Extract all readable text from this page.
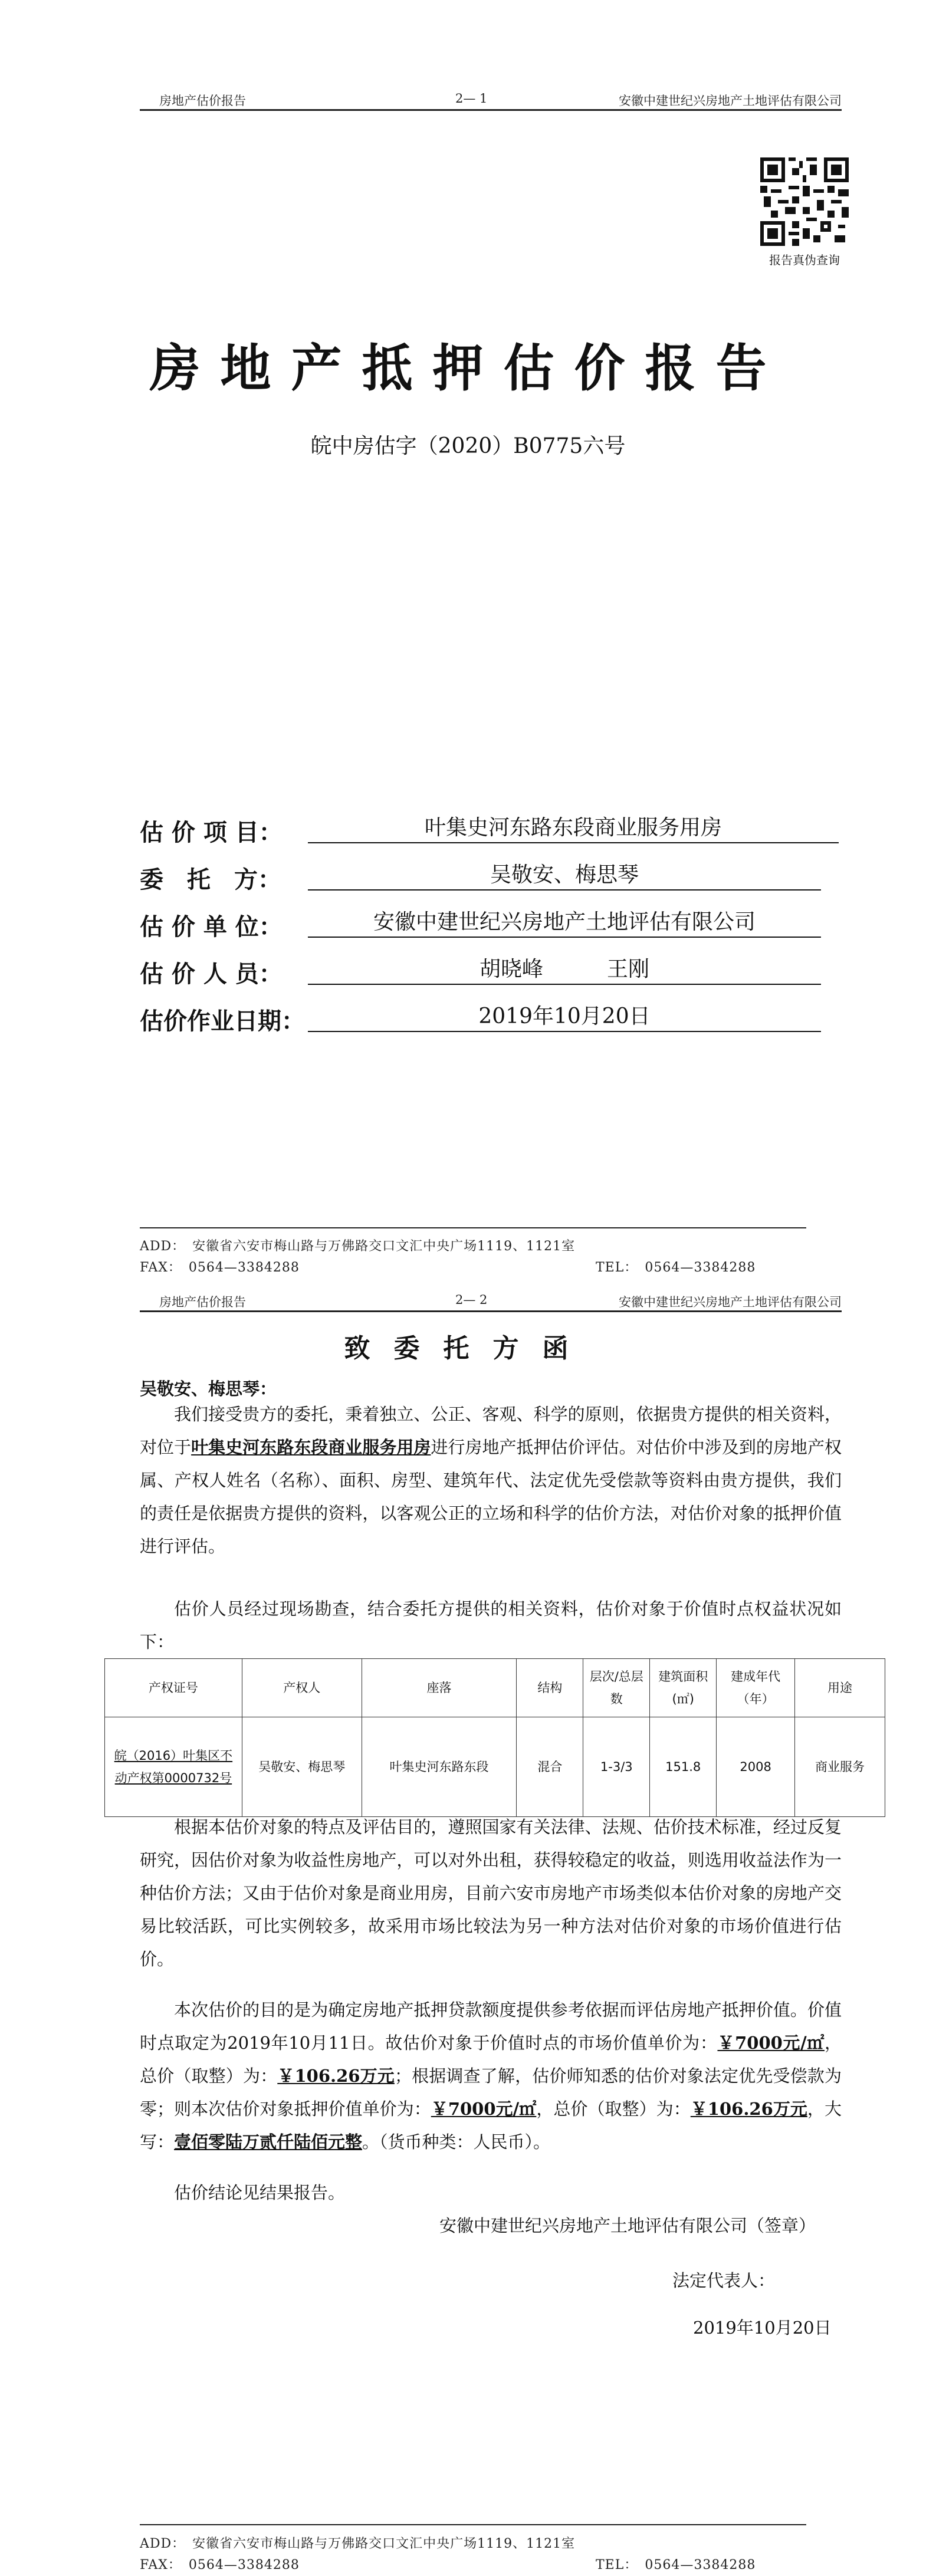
房地产估价报告	2— 1	安徽中建世纪兴房地产土地评估有限公司
报告真伪查询
房地产抵押估价报告
皖中房估字（2020）B0775六号
估 价 项 目：	叶集史河东路东段商业服务用房
委　托　方：	吴敬安、梅思琴
估 价 单 位：	安徽中建世纪兴房地产土地评估有限公司
估 价 人 员：	胡晓峰　　　王刚
估价作业日期：	2019年10月20日
ADD：　安徽省六安市梅山路与万佛路交口文汇中央广场1119、1121室
FAX：　0564—3384288	TEL：　0564—3384288
房地产估价报告	2— 2	安徽中建世纪兴房地产土地评估有限公司
致委托方函
吴敬安、梅思琴：
我们接受贵方的委托，秉着独立、公正、客观、科学的原则，依据贵方提供的相关资料，对位于叶集史河东路东段商业服务用房进行房地产抵押估价评估。对估价中涉及到的房地产权属、产权人姓名（名称）、面积、房型、建筑年代、法定优先受偿款等资料由贵方提供，我们的责任是依据贵方提供的资料，以客观公正的立场和科学的估价方法，对估价对象的抵押价值进行评估。
估价人员经过现场勘查，结合委托方提供的相关资料，估价对象于价值时点权益状况如下：
产权证号	产权人	座落	结构	层次/总层数	建筑面积(㎡)	建成年代（年）	用途
皖（2016）叶集区不动产权第0000732号	吴敬安、梅思琴	叶集史河东路东段	混合	1-3/3	151.8	2008	商业服务
根据本估价对象的特点及评估目的，遵照国家有关法律、法规、估价技术标准，经过反复研究，因估价对象为收益性房地产，可以对外出租，获得较稳定的收益，则选用收益法作为一种估价方法；又由于估价对象是商业用房，目前六安市房地产市场类似本估价对象的房地产交易比较活跃，可比实例较多，故采用市场比较法为另一种方法对估价对象的市场价值进行估价。
本次估价的目的是为确定房地产抵押贷款额度提供参考依据而评估房地产抵押价值。价值时点取定为2019年10月11日。故估价对象于价值时点的市场价值单价为：￥7000元/㎡，总价（取整）为：￥106.26万元；根据调查了解，估价师知悉的估价对象法定优先受偿款为零；则本次估价对象抵押价值单价为：￥7000元/㎡，总价（取整）为：￥106.26万元，大写：壹佰零陆万贰仟陆佰元整。（货币种类：人民币）。
估价结论见结果报告。
安徽中建世纪兴房地产土地评估有限公司（签章）
法定代表人：
2019年10月20日
ADD：　安徽省六安市梅山路与万佛路交口文汇中央广场1119、1121室
FAX：　0564—3384288	TEL：　0564—3384288
